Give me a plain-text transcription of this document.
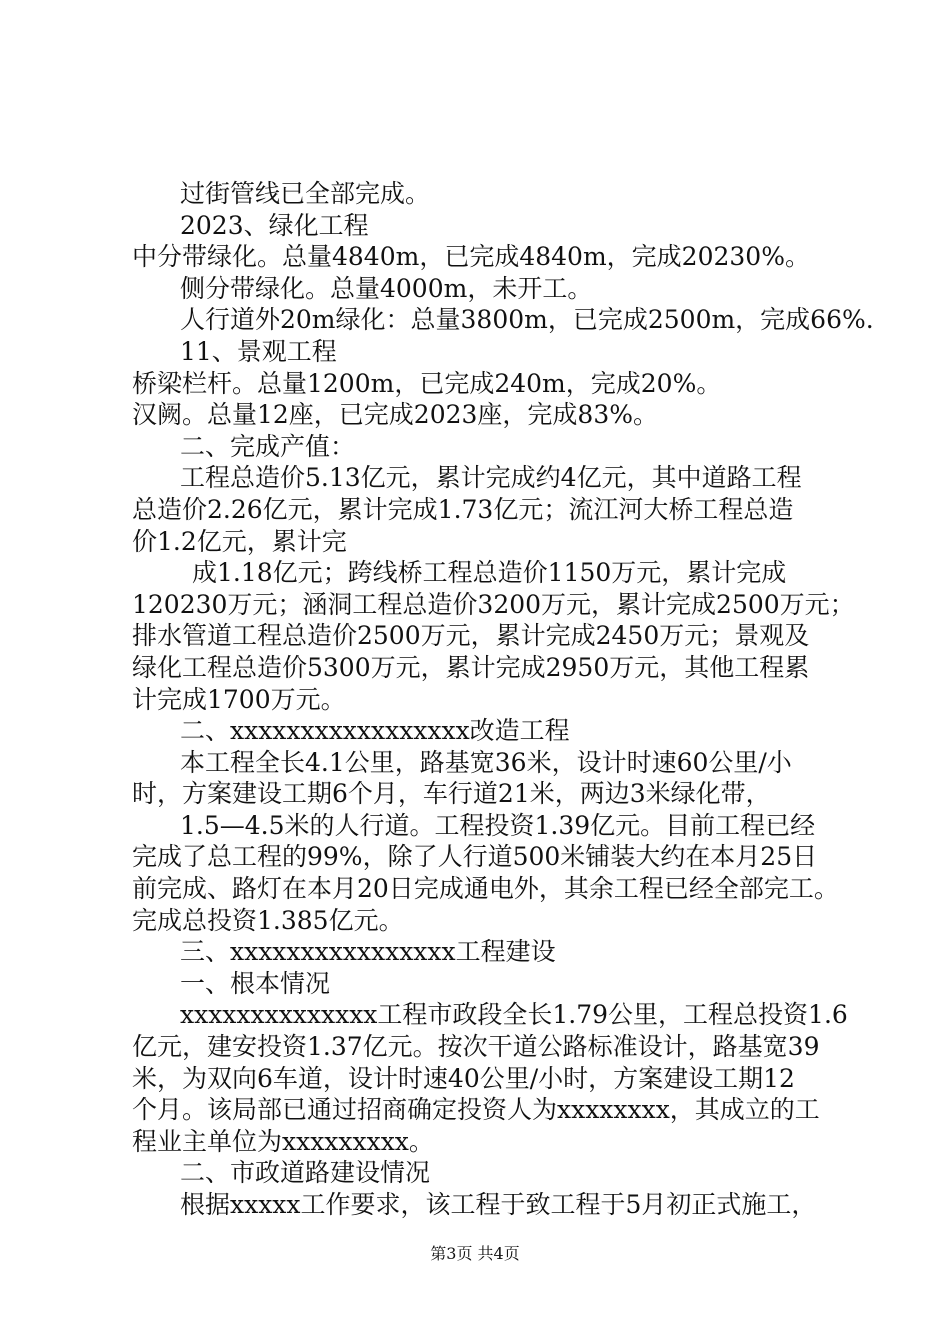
过街管线已全部完成。
2023、绿化工程
中分带绿化。总量4840m，已完成4840m，完成20230%。
侧分带绿化。总量4000m，未开工。
人行道外20m绿化：总量3800m，已完成2500m，完成66%.
11、景观工程
桥梁栏杆。总量1200m，已完成240m，完成20%。
汉阙。总量12座，已完成2023座，完成83%。
二、完成产值：
工程总造价5.13亿元，累计完成约4亿元，其中道路工程
总造价2.26亿元，累计完成1.73亿元；流江河大桥工程总造
价1.2亿元，累计完
成1.18亿元；跨线桥工程总造价1150万元，累计完成
120230万元；涵洞工程总造价3200万元，累计完成2500万元；
排水管道工程总造价2500万元，累计完成2450万元；景观及
绿化工程总造价5300万元，累计完成2950万元，其他工程累
计完成1700万元。
二、xxxxxxxxxxxxxxxxx改造工程
本工程全长4.1公里，路基宽36米，设计时速60公里/小
时，方案建设工期6个月，车行道21米，两边3米绿化带，
1.5—4.5米的人行道。工程投资1.39亿元。目前工程已经
完成了总工程的99%，除了人行道500米铺装大约在本月25日
前完成、路灯在本月20日完成通电外，其余工程已经全部完工。
完成总投资1.385亿元。
三、xxxxxxxxxxxxxxxx工程建设
一、根本情况
xxxxxxxxxxxxxx工程市政段全长1.79公里，工程总投资1.6
亿元，建安投资1.37亿元。按次干道公路标准设计，路基宽39
米，为双向6车道，设计时速40公里/小时，方案建设工期12
个月。该局部已通过招商确定投资人为xxxxxxxx，其成立的工
程业主单位为xxxxxxxxx。
二、市政道路建设情况
根据xxxxx工作要求，该工程于致工程于5月初正式施工，
第3页 共4页
